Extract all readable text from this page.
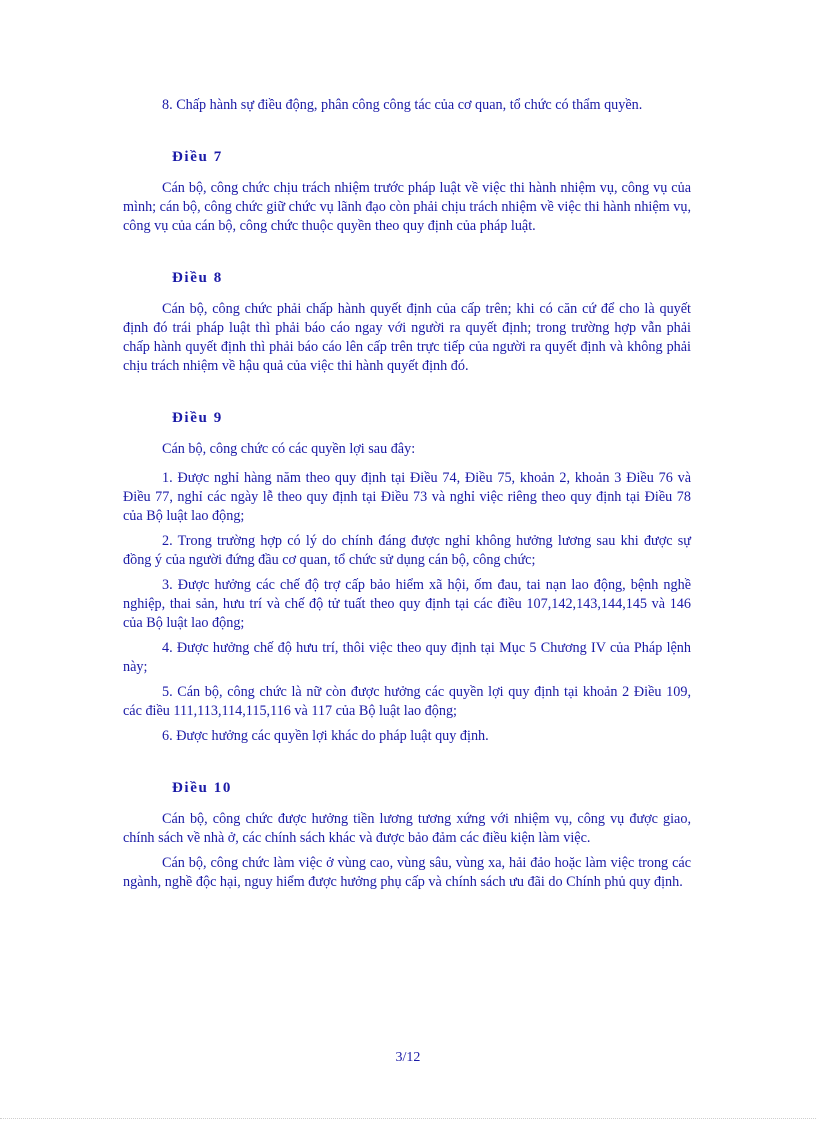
8. Chấp hành sự điều động, phân công công tác của cơ quan, tổ chức có thẩm quyền.

Điều 7

Cán bộ, công chức chịu trách nhiệm trước pháp luật về việc thi hành nhiệm vụ, công vụ của mình; cán bộ, công chức giữ chức vụ lãnh đạo còn phải chịu trách nhiệm về việc thi hành nhiệm vụ, công vụ của cán bộ, công chức thuộc quyền theo quy định của pháp luật.

Điều 8

Cán bộ, công chức phải chấp hành quyết định của cấp trên; khi có căn cứ để cho là quyết định đó trái pháp luật thì phải báo cáo ngay với người ra quyết định; trong trường hợp vẫn phải chấp hành quyết định thì phải báo cáo lên cấp trên trực tiếp của người ra quyết định và không phải chịu trách nhiệm về hậu quả của việc thi hành quyết định đó.

Điều 9

Cán bộ, công chức có các quyền lợi sau đây:

1. Được nghỉ hàng năm theo quy định tại Điều 74, Điều 75, khoản 2, khoản 3 Điều 76 và Điều 77, nghỉ các ngày lễ theo quy định tại Điều 73 và nghỉ việc riêng theo quy định tại Điều 78 của Bộ luật lao động;

2. Trong trường hợp có lý do chính đáng được nghỉ không hưởng lương sau khi được sự đồng ý của người đứng đầu cơ quan, tổ chức sử dụng cán bộ, công chức;

3. Được hưởng các chế độ trợ cấp bảo hiểm xã hội, ốm đau, tai nạn lao động, bệnh nghề nghiệp, thai sản, hưu trí và chế độ tử tuất theo quy định tại các điều 107,142,143,144,145 và 146 của Bộ luật lao động;

4. Được hưởng chế độ hưu trí, thôi việc theo quy định tại Mục 5 Chương IV của Pháp lệnh này;

5. Cán bộ, công chức là nữ còn được hưởng các quyền lợi quy định tại khoản 2 Điều 109, các điều 111,113,114,115,116 và 117 của Bộ luật lao động;

6. Được hưởng các quyền lợi khác do pháp luật quy định.

Điều 10

Cán bộ, công chức được hưởng tiền lương tương xứng với nhiệm vụ, công vụ được giao, chính sách về nhà ở, các chính sách khác và được bảo đảm các điều kiện làm việc.

Cán bộ, công chức làm việc ở vùng cao, vùng sâu, vùng xa, hải đảo hoặc làm việc trong các ngành, nghề độc hại, nguy hiểm được hưởng phụ cấp và chính sách ưu đãi do Chính phủ quy định.

3/12
